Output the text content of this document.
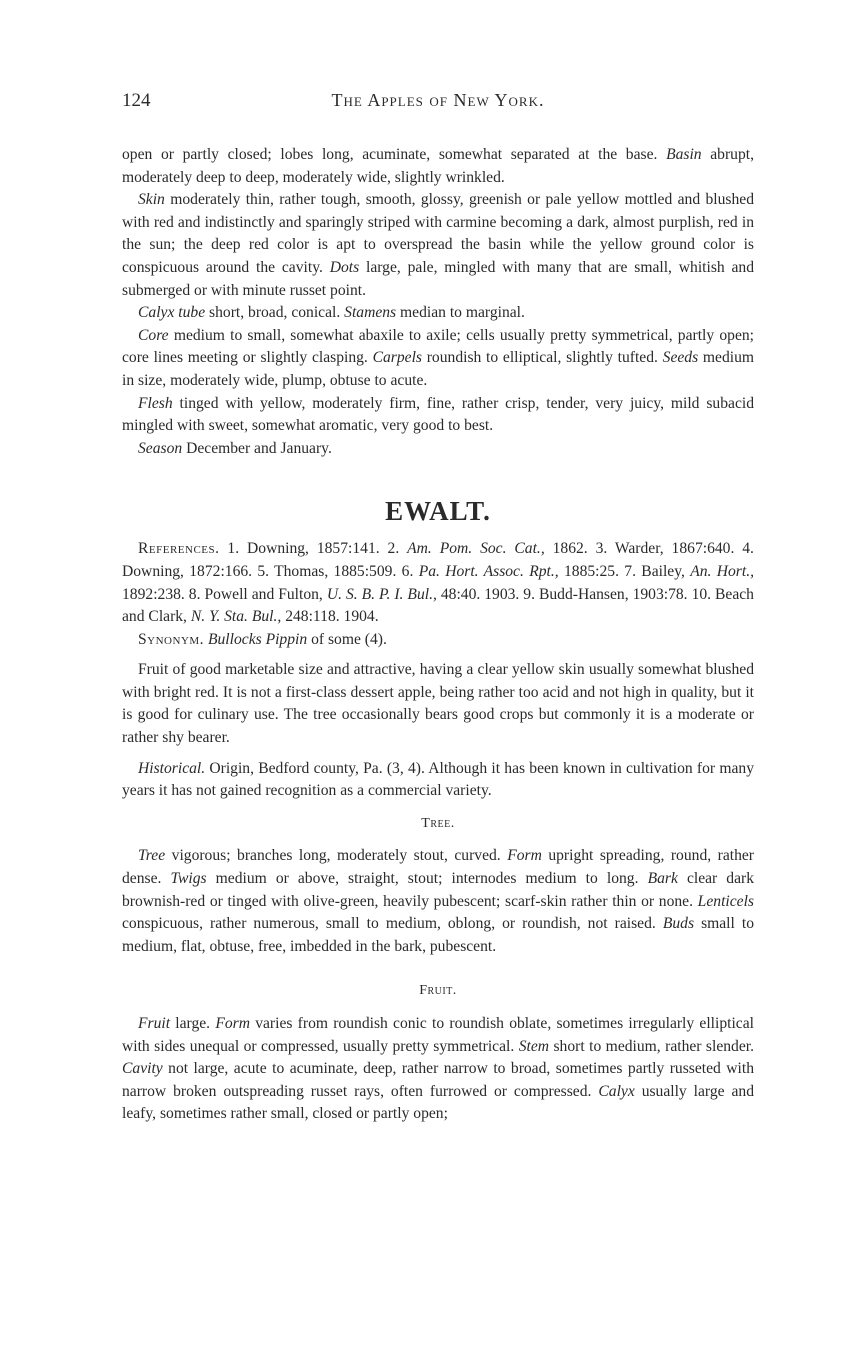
124	The Apples of New York.

open or partly closed; lobes long, acuminate, somewhat separated at the base. Basin abrupt, moderately deep to deep, moderately wide, slightly wrinkled.

Skin moderately thin, rather tough, smooth, glossy, greenish or pale yellow mottled and blushed with red and indistinctly and sparingly striped with carmine becoming a dark, almost purplish, red in the sun; the deep red color is apt to overspread the basin while the yellow ground color is conspicuous around the cavity. Dots large, pale, mingled with many that are small, whitish and submerged or with minute russet point.

Calyx tube short, broad, conical. Stamens median to marginal.

Core medium to small, somewhat abaxile to axile; cells usually pretty symmetrical, partly open; core lines meeting or slightly clasping. Carpels roundish to elliptical, slightly tufted. Seeds medium in size, moderately wide, plump, obtuse to acute.

Flesh tinged with yellow, moderately firm, fine, rather crisp, tender, very juicy, mild subacid mingled with sweet, somewhat aromatic, very good to best.

Season December and January.

EWALT.

References. 1. Downing, 1857:141. 2. Am. Pom. Soc. Cat., 1862. 3. Warder, 1867:640. 4. Downing, 1872:166. 5. Thomas, 1885:509. 6. Pa. Hort. Assoc. Rpt., 1885:25. 7. Bailey, An. Hort., 1892:238. 8. Powell and Fulton, U. S. B. P. I. Bul., 48:40. 1903. 9. Budd-Hansen, 1903:78. 10. Beach and Clark, N. Y. Sta. Bul., 248:118. 1904.

Synonym. Bullocks Pippin of some (4).

Fruit of good marketable size and attractive, having a clear yellow skin usually somewhat blushed with bright red. It is not a first-class dessert apple, being rather too acid and not high in quality, but it is good for culinary use. The tree occasionally bears good crops but commonly it is a moderate or rather shy bearer.

Historical. Origin, Bedford county, Pa. (3, 4). Although it has been known in cultivation for many years it has not gained recognition as a commercial variety.

Tree.

Tree vigorous; branches long, moderately stout, curved. Form upright spreading, round, rather dense. Twigs medium or above, straight, stout; internodes medium to long. Bark clear dark brownish-red or tinged with olive-green, heavily pubescent; scarf-skin rather thin or none. Lenticels conspicuous, rather numerous, small to medium, oblong, or roundish, not raised. Buds small to medium, flat, obtuse, free, imbedded in the bark, pubescent.

Fruit.

Fruit large. Form varies from roundish conic to roundish oblate, sometimes irregularly elliptical with sides unequal or compressed, usually pretty symmetrical. Stem short to medium, rather slender. Cavity not large, acute to acuminate, deep, rather narrow to broad, sometimes partly russeted with narrow broken outspreading russet rays, often furrowed or compressed. Calyx usually large and leafy, sometimes rather small, closed or partly open;
